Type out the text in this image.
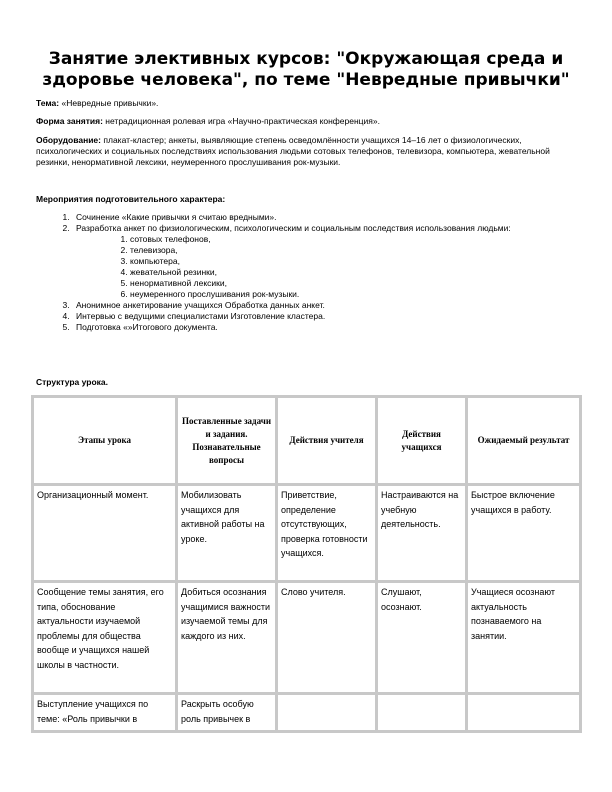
Занятие элективных курсов: "Окружающая среда и здоровье человека", по теме "Невредные привычки"

Тема: «Невредные привычки».

Форма занятия: нетрадиционная ролевая игра «Научно-практическая конференция».

Оборудование: плакат-кластер; анкеты, выявляющие степень осведомлённости учащихся 14–16 лет о физиологических, психологических и социальных последствиях использования людьми сотовых телефонов, телевизора, компьютера, жевательной резинки, ненормативной лексики, неумеренного прослушивания рок-музыки.

Мероприятия подготовительного характера:

1. Сочинение «Какие привычки я считаю вредными».
2. Разработка анкет по физиологическим, психологическим и социальным последствия использования людьми:
1. сотовых телефонов,
2. телевизора,
3. компьютера,
4. жевательной резинки,
5. ненормативной лексики,
6. неумеренного прослушивания рок-музыки.
3. Анонимное анкетирование учащихся Обработка данных анкет.
4. Интервью с ведущими специалистами Изготовление кластера.
5. Подготовка «»Итогового документа.
Структура урока.
Этапы урока	Поставленные задачи и задания. Познавательные вопросы	Действия учителя	Действия учащихся	Ожидаемый результат
Организационный момент.	Мобилизовать учащихся для активной работы на уроке.	Приветствие, определение отсутствующих, проверка готовности учащихся.	Настраиваются на учебную деятельность.	Быстрое включение учащихся в работу.
Сообщение темы занятия, его типа, обоснование актуальности изучаемой проблемы для общества вообще и учащихся нашей школы в частности.	Добиться осознания учащимися важности изучаемой темы для каждого из них.	Слово учителя.	Слушают, осознают.	Учащиеся осознают актуальность познаваемого на занятии.
Выступление учащихся по теме: «Роль привычки в	Раскрыть особую роль привычек в			
